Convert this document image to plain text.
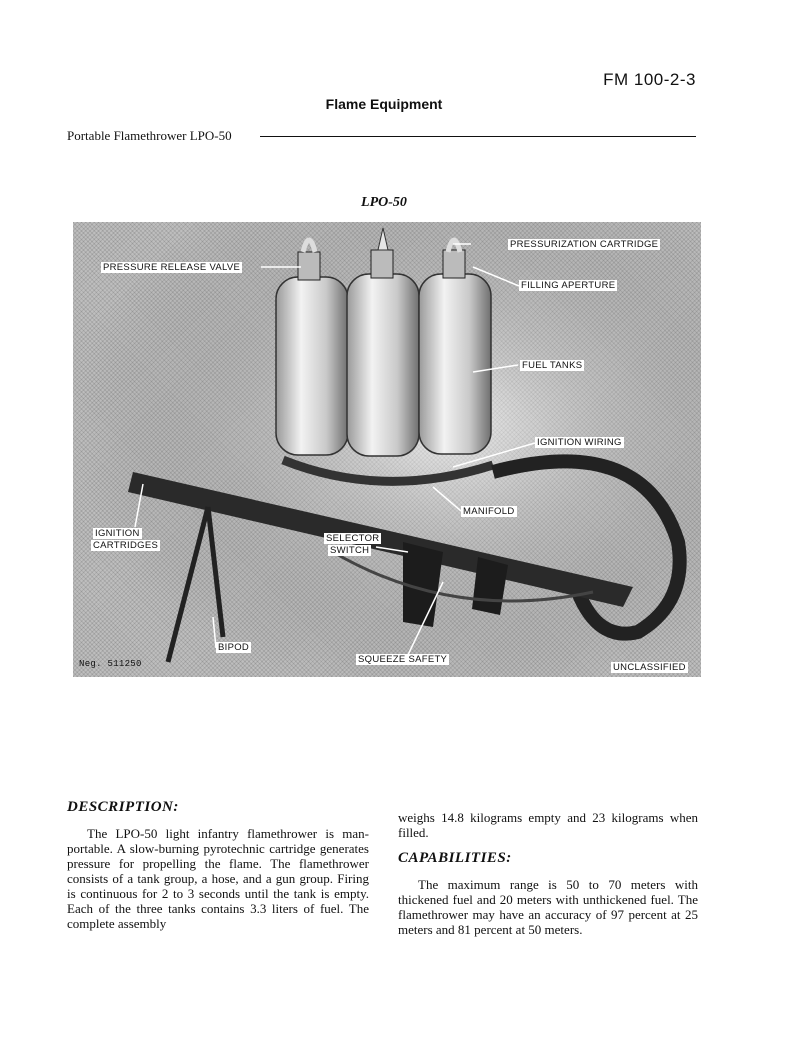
FM 100-2-3
Flame Equipment
Portable Flamethrower LPO-50
LPO-50
PRESSURE RELEASE VALVE
PRESSURIZATION CARTRIDGE
FILLING APERTURE
FUEL TANKS
IGNITION WIRING
MANIFOLD
IGNITION
CARTRIDGES
SELECTOR
SWITCH
BIPOD
SQUEEZE SAFETY
Neg. 511250	UNCLASSIFIED
DESCRIPTION:

The LPO-50 light infantry flamethrower is man-portable. A slow-burning pyrotechnic cartridge generates pressure for propelling the flame. The flamethrower consists of a tank group, a hose, and a gun group. Firing is continuous for 2 to 3 seconds until the tank is empty. Each of the three tanks contains 3.3 liters of fuel. The complete assembly

weighs 14.8 kilograms empty and 23 kilograms when filled.

CAPABILITIES:

The maximum range is 50 to 70 meters with thickened fuel and 20 meters with unthickened fuel. The flamethrower may have an accuracy of 97 percent at 25 meters and 81 percent at 50 meters.
